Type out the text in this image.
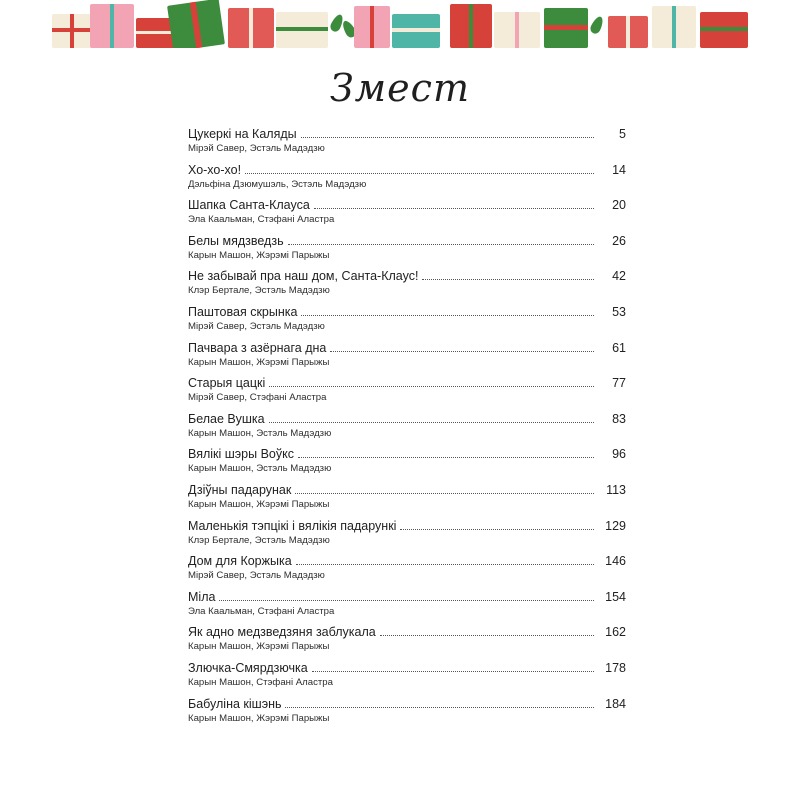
Змест
Цукеркі на Каляды	5
Мірэй Савер, Эстэль Мадэдзю
Хо-хо-хо!	14
Дэльфіна Дзюмушэль, Эстэль Мадэдзю
Шапка Санта-Клауса	20
Эла Каальман, Стэфані Аластра
Белы мядзведзь	26
Карын Машон, Жэрэмі Парыжы
Не забывай пра наш дом, Санта-Клаус!	42
Клэр Бертале, Эстэль Мадэдзю
Паштовая скрынка	53
Мірэй Савер, Эстэль Мадэдзю
Пачвара з азёрнага дна	61
Карын Машон, Жэрэмі Парыжы
Старыя цацкі	77
Мірэй Савер, Стэфані Аластра
Белае Вушка	83
Карын Машон, Эстэль Мадэдзю
Вялікі шэры Воўкс	96
Карын Машон, Эстэль Мадэдзю
Дзіўны падарунак	113
Карын Машон, Жэрэмі Парыжы
Маленькія тэпцікі і вялікія падарункі	129
Клэр Бертале, Эстэль Мадэдзю
Дом для Коржыка	146
Мірэй Савер, Эстэль Мадэдзю
Міла	154
Эла Каальман, Стэфані Аластра
Як адно медзведзяня заблукала	162
Карын Машон, Жэрэмі Парыжы
Злючка-Смярдзючка	178
Карын Машон, Стэфані Аластра
Бабуліна кішэнь	184
Карын Машон, Жэрэмі Парыжы
